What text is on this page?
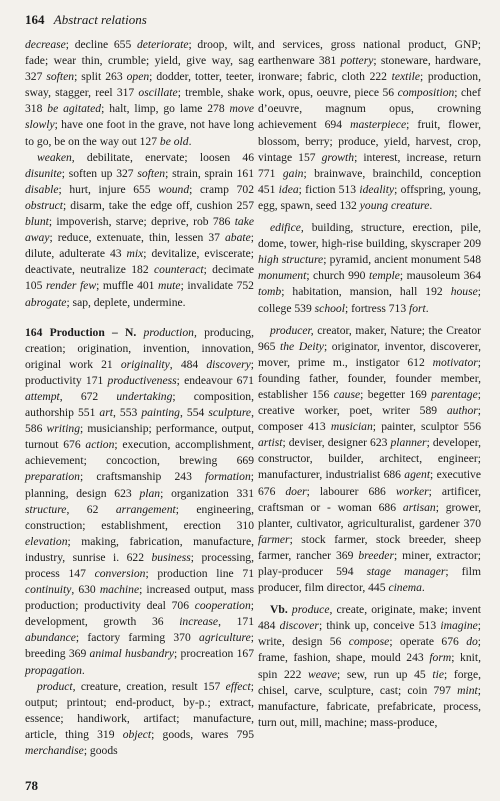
164 Abstract relations

decrease; decline 655 deteriorate; droop, wilt, fade; wear thin, crumble; yield, give way, sag 327 soften; split 263 open; dodder, totter, teeter, sway, stagger, reel 317 oscillate; tremble, shake 318 be agitated; halt, limp, go lame 278 move slowly; have one foot in the grave, not have long to go, be on the way out 127 be old.

weaken, debilitate, enervate; loosen 46 disunite; soften up 327 soften; strain, sprain 161 disable; hurt, injure 655 wound; cramp 702 obstruct; disarm, take the edge off, cushion 257 blunt; impoverish, starve; deprive, rob 786 take away; reduce, extenuate, thin, lessen 37 abate; dilute, adulterate 43 mix; devitalize, eviscerate; deactivate, neutralize 182 counteract; decimate 105 render few; muffle 401 mute; invalidate 752 abrogate; sap, deplete, undermine.

164 Production – N. production, producing, creation; origination, invention, innovation, original work 21 originality, 484 discovery; productivity 171 productiveness; endeavour 671 attempt, 672 undertaking; composition, authorship 551 art, 553 painting, 554 sculpture, 586 writing; musicianship; performance, output, turnout 676 action; execution, accomplishment, achievement; concoction, brewing 669 preparation; craftsmanship 243 formation; planning, design 623 plan; organization 331 structure, 62 arrangement; engineering, construction; establishment, erection 310 elevation; making, fabrication, manufacture, industry, sunrise i. 622 business; processing, process 147 conversion; production line 71 continuity, 630 machine; increased output, mass production; productivity deal 706 cooperation; development, growth 36 increase, 171 abundance; factory farming 370 agriculture; breeding 369 animal husbandry; procreation 167 propagation.

product, creature, creation, result 157 effect; output; printout; end-product, by-p.; extract, essence; handiwork, artifact; manufacture, article, thing 319 object; goods, wares 795 merchandise; goods

and services, gross national product, GNP; earthenware 381 pottery; stoneware, hardware, ironware; fabric, cloth 222 textile; production, work, opus, oeuvre, piece 56 composition; chef d’oeuvre, magnum opus, crowning achievement 694 masterpiece; fruit, flower, blossom, berry; produce, yield, harvest, crop, vintage 157 growth; interest, increase, return 771 gain; brainwave, brainchild, conception 451 idea; fiction 513 ideality; offspring, young, egg, spawn, seed 132 young creature.

edifice, building, structure, erection, pile, dome, tower, high-rise building, skyscraper 209 high structure; pyramid, ancient monument 548 monument; church 990 temple; mausoleum 364 tomb; habitation, mansion, hall 192 house; college 539 school; fortress 713 fort.

producer, creator, maker, Nature; the Creator 965 the Deity; originator, inventor, discoverer, mover, prime m., instigator 612 motivator; founding father, founder, founder member, establisher 156 cause; begetter 169 parentage; creative worker, poet, writer 589 author; composer 413 musician; painter, sculptor 556 artist; deviser, designer 623 planner; developer, constructor, builder, architect, engineer; manufacturer, industrialist 686 agent; executive 676 doer; labourer 686 worker; artificer, craftsman or - woman 686 artisan; grower, planter, cultivator, agriculturalist, gardener 370 farmer; stock farmer, stock breeder, sheep farmer, rancher 369 breeder; miner, extractor; play-producer 594 stage manager; film producer, film director, 445 cinema.

Vb. produce, create, originate, make; invent 484 discover; think up, conceive 513 imagine; write, design 56 compose; operate 676 do; frame, fashion, shape, mould 243 form; knit, spin 222 weave; sew, run up 45 tie; forge, chisel, carve, sculpture, cast; coin 797 mint; manufacture, fabricate, prefabricate, process, turn out, mill, machine; mass-produce,

78
